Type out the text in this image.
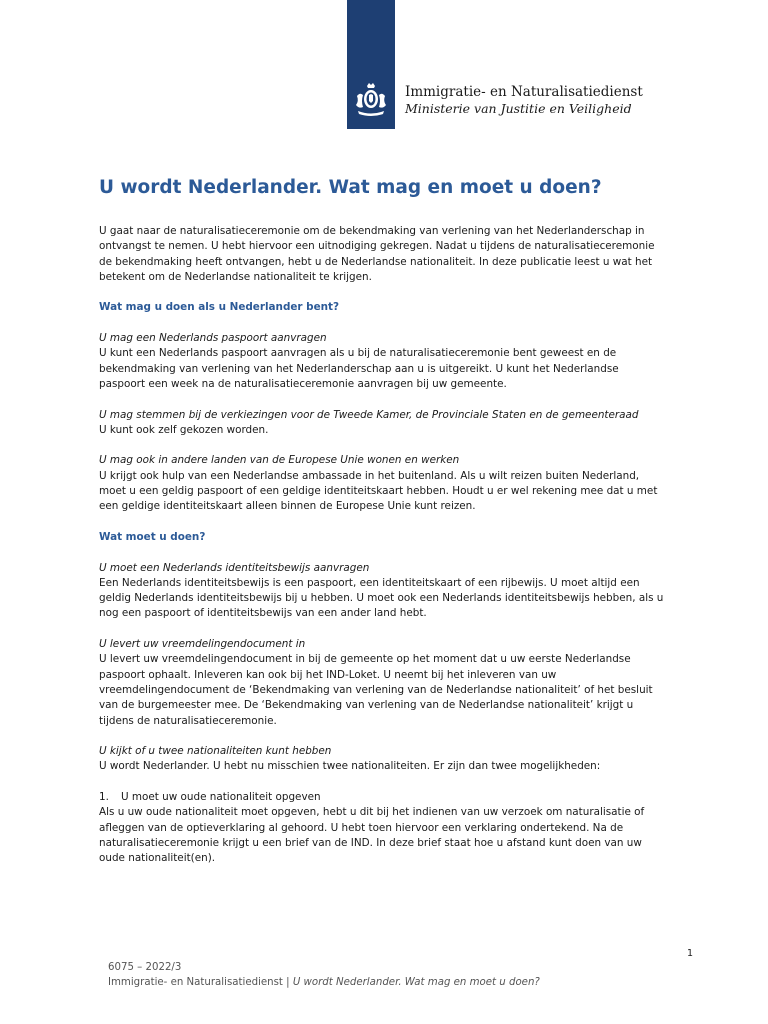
Immigratie- en Naturalisatiedienst
Ministerie van Justitie en Veiligheid
U wordt Nederlander. Wat mag en moet u doen?

U gaat naar de naturalisatieceremonie om de bekendmaking van verlening van het Nederlanderschap in ontvangst te nemen. U hebt hiervoor een uitnodiging gekregen. Nadat u tijdens de naturalisatieceremonie de bekendmaking heeft ontvangen, hebt u de Nederlandse nationaliteit. In deze publicatie leest u wat het betekent om de Nederlandse nationaliteit te krijgen.

Wat mag u doen als u Nederlander bent?

U mag een Nederlands paspoort aanvragen

U kunt een Nederlands paspoort aanvragen als u bij de naturalisatieceremonie bent geweest en de bekendmaking van verlening van het Nederlanderschap aan u is uitgereikt. U kunt het Nederlandse paspoort een week na de naturalisatieceremonie aanvragen bij uw gemeente.

U mag stemmen bij de verkiezingen voor de Tweede Kamer, de Provinciale Staten en de gemeenteraad

U kunt ook zelf gekozen worden.

U mag ook in andere landen van de Europese Unie wonen en werken

U krijgt ook hulp van een Nederlandse ambassade in het buitenland. Als u wilt reizen buiten Nederland, moet u een geldig paspoort of een geldige identiteitskaart hebben. Houdt u er wel rekening mee dat u met een geldige identiteitskaart alleen binnen de Europese Unie kunt reizen.

Wat moet u doen?

U moet een Nederlands identiteitsbewijs aanvragen

Een Nederlands identiteitsbewijs is een paspoort, een identiteitskaart of een rijbewijs. U moet altijd een geldig Nederlands identiteitsbewijs bij u hebben. U moet ook een Nederlands identiteitsbewijs hebben, als u nog een paspoort of identiteitsbewijs van een ander land hebt.

U levert uw vreemdelingendocument in

U levert uw vreemdelingendocument in bij de gemeente op het moment dat u uw eerste Nederlandse paspoort ophaalt. Inleveren kan ook bij het IND-Loket. U neemt bij het inleveren van uw vreemdelingendocument de ‘Bekendmaking van verlening van de Nederlandse nationaliteit’ of het besluit van de burgemeester mee. De ‘Bekendmaking van verlening van de Nederlandse nationaliteit’ krijgt u tijdens de naturalisatieceremonie.

U kijkt of u twee nationaliteiten kunt hebben

U wordt Nederlander. U hebt nu misschien twee nationaliteiten. Er zijn dan twee mogelijkheden:

1. U moet uw oude nationaliteit opgeven

Als u uw oude nationaliteit moet opgeven, hebt u dit bij het indienen van uw verzoek om naturalisatie of afleggen van de optieverklaring al gehoord. U hebt toen hiervoor een verklaring ondertekend. Na de naturalisatieceremonie krijgt u een brief van de IND. In deze brief staat hoe u afstand kunt doen van uw oude nationaliteit(en).

1
6075 – 2022/3
Immigratie- en Naturalisatiedienst | U wordt Nederlander. Wat mag en moet u doen?
